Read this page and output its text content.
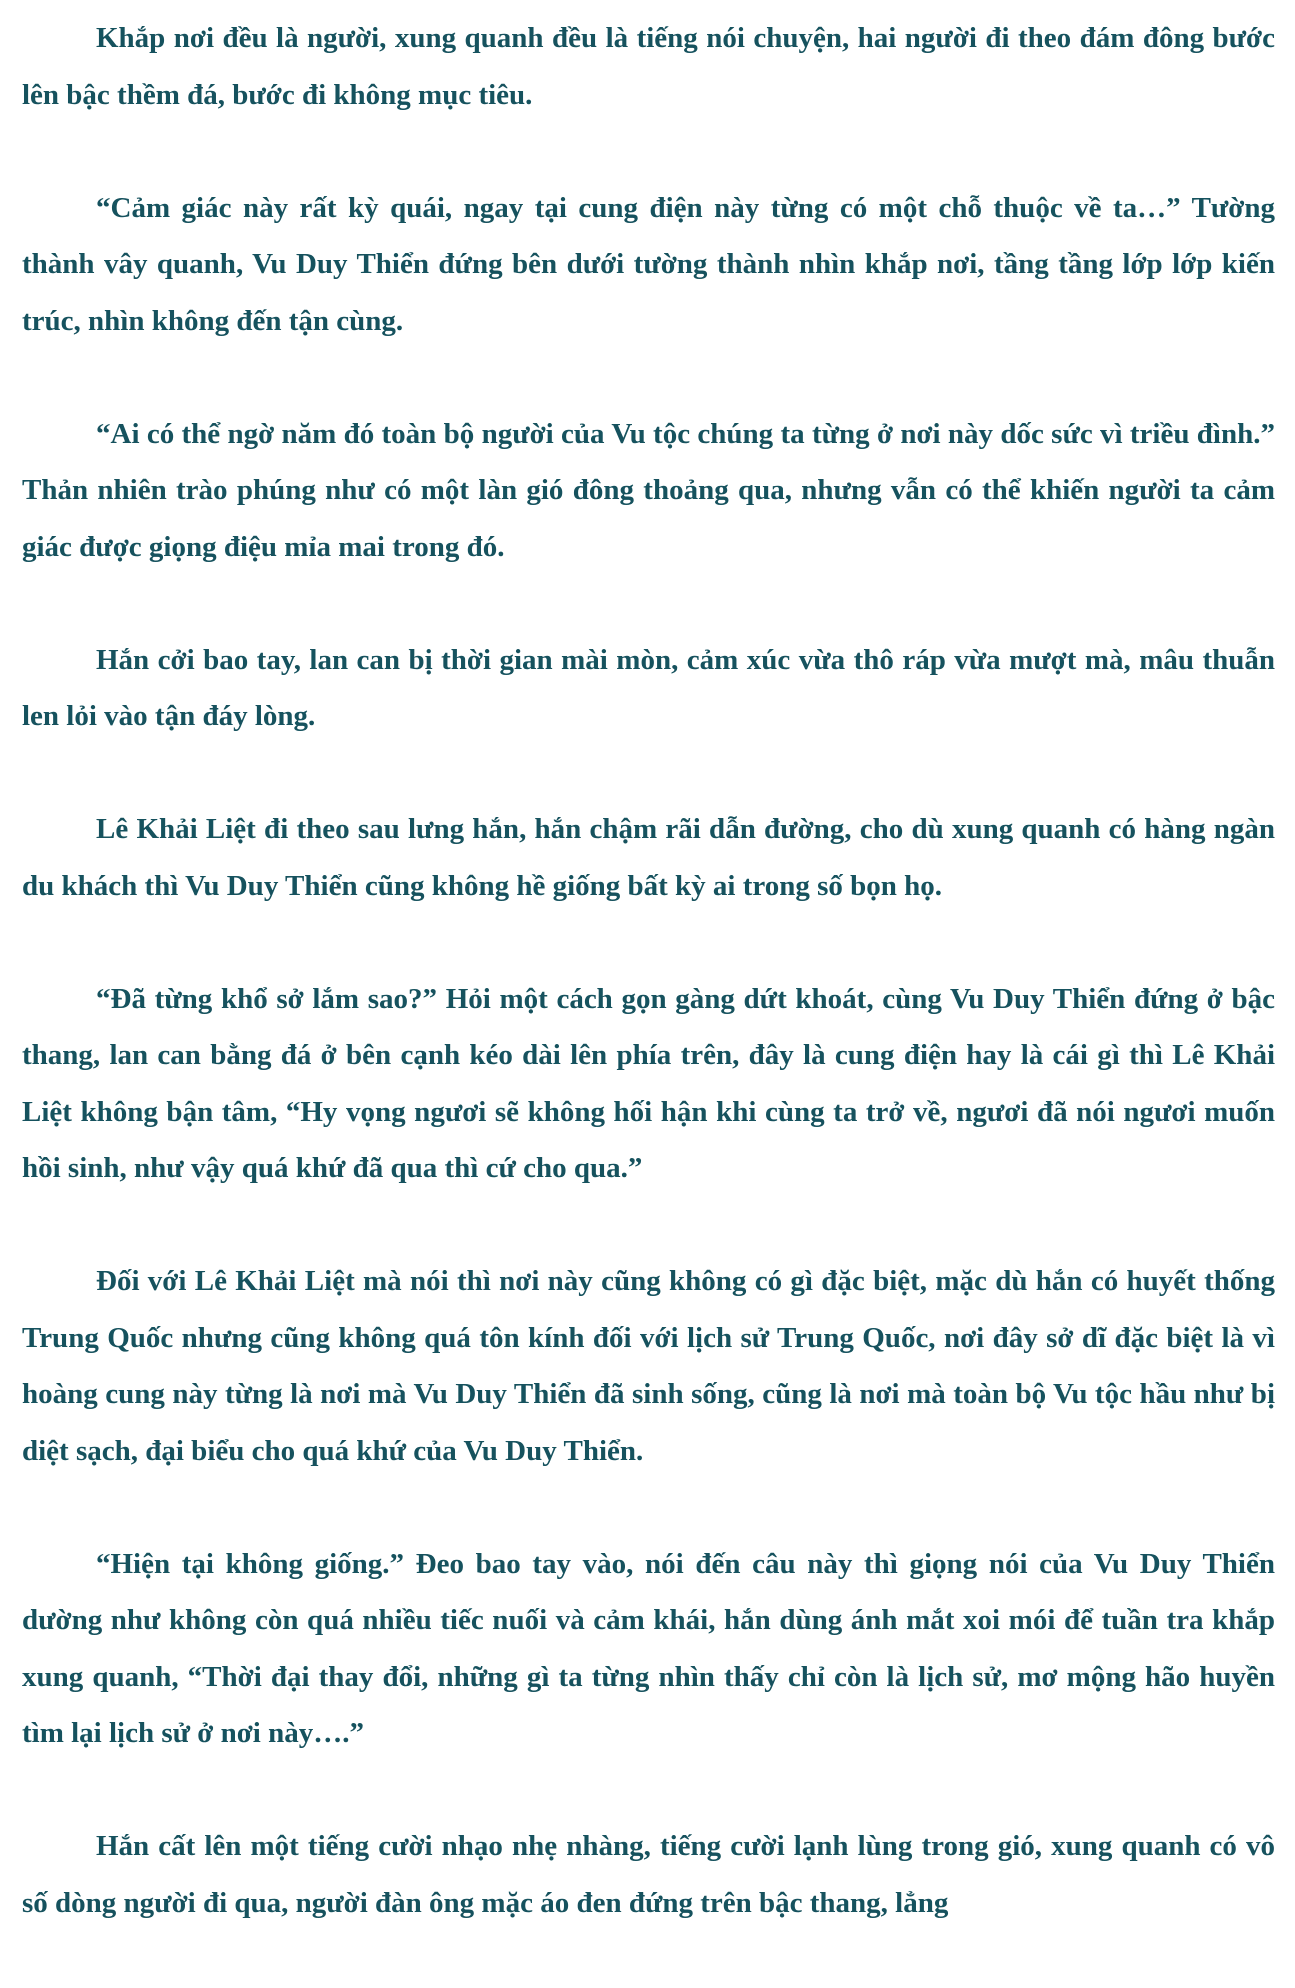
Khắp nơi đều là người, xung quanh đều là tiếng nói chuyện, hai người đi theo đám đông bước lên bậc thềm đá, bước đi không mục tiêu.

“Cảm giác này rất kỳ quái, ngay tại cung điện này từng có một chỗ thuộc về ta…” Tường thành vây quanh, Vu Duy Thiển đứng bên dưới tường thành nhìn khắp nơi, tầng tầng lớp lớp kiến trúc, nhìn không đến tận cùng.

“Ai có thể ngờ năm đó toàn bộ người của Vu tộc chúng ta từng ở nơi này dốc sức vì triều đình.” Thản nhiên trào phúng như có một làn gió đông thoảng qua, nhưng vẫn có thể khiến người ta cảm giác được giọng điệu mỉa mai trong đó.

Hắn cởi bao tay, lan can bị thời gian mài mòn, cảm xúc vừa thô ráp vừa mượt mà, mâu thuẫn len lỏi vào tận đáy lòng.

Lê Khải Liệt đi theo sau lưng hắn, hắn chậm rãi dẫn đường, cho dù xung quanh có hàng ngàn du khách thì Vu Duy Thiển cũng không hề giống bất kỳ ai trong số bọn họ.

“Đã từng khổ sở lắm sao?” Hỏi một cách gọn gàng dứt khoát, cùng Vu Duy Thiển đứng ở bậc thang, lan can bằng đá ở bên cạnh kéo dài lên phía trên, đây là cung điện hay là cái gì thì Lê Khải Liệt không bận tâm, “Hy vọng ngươi sẽ không hối hận khi cùng ta trở về, ngươi đã nói ngươi muốn hồi sinh, như vậy quá khứ đã qua thì cứ cho qua.”

Đối với Lê Khải Liệt mà nói thì nơi này cũng không có gì đặc biệt, mặc dù hắn có huyết thống Trung Quốc nhưng cũng không quá tôn kính đối với lịch sử Trung Quốc, nơi đây sở dĩ đặc biệt là vì hoàng cung này từng là nơi mà Vu Duy Thiển đã sinh sống, cũng là nơi mà toàn bộ Vu tộc hầu như bị diệt sạch, đại biểu cho quá khứ của Vu Duy Thiển.

“Hiện tại không giống.” Đeo bao tay vào, nói đến câu này thì giọng nói của Vu Duy Thiển dường như không còn quá nhiều tiếc nuối và cảm khái, hắn dùng ánh mắt xoi mói để tuần tra khắp xung quanh, “Thời đại thay đổi, những gì ta từng nhìn thấy chỉ còn là lịch sử, mơ mộng hão huyền tìm lại lịch sử ở nơi này….”

Hắn cất lên một tiếng cười nhạo nhẹ nhàng, tiếng cười lạnh lùng trong gió, xung quanh có vô số dòng người đi qua, người đàn ông mặc áo đen đứng trên bậc thang, lẳng
